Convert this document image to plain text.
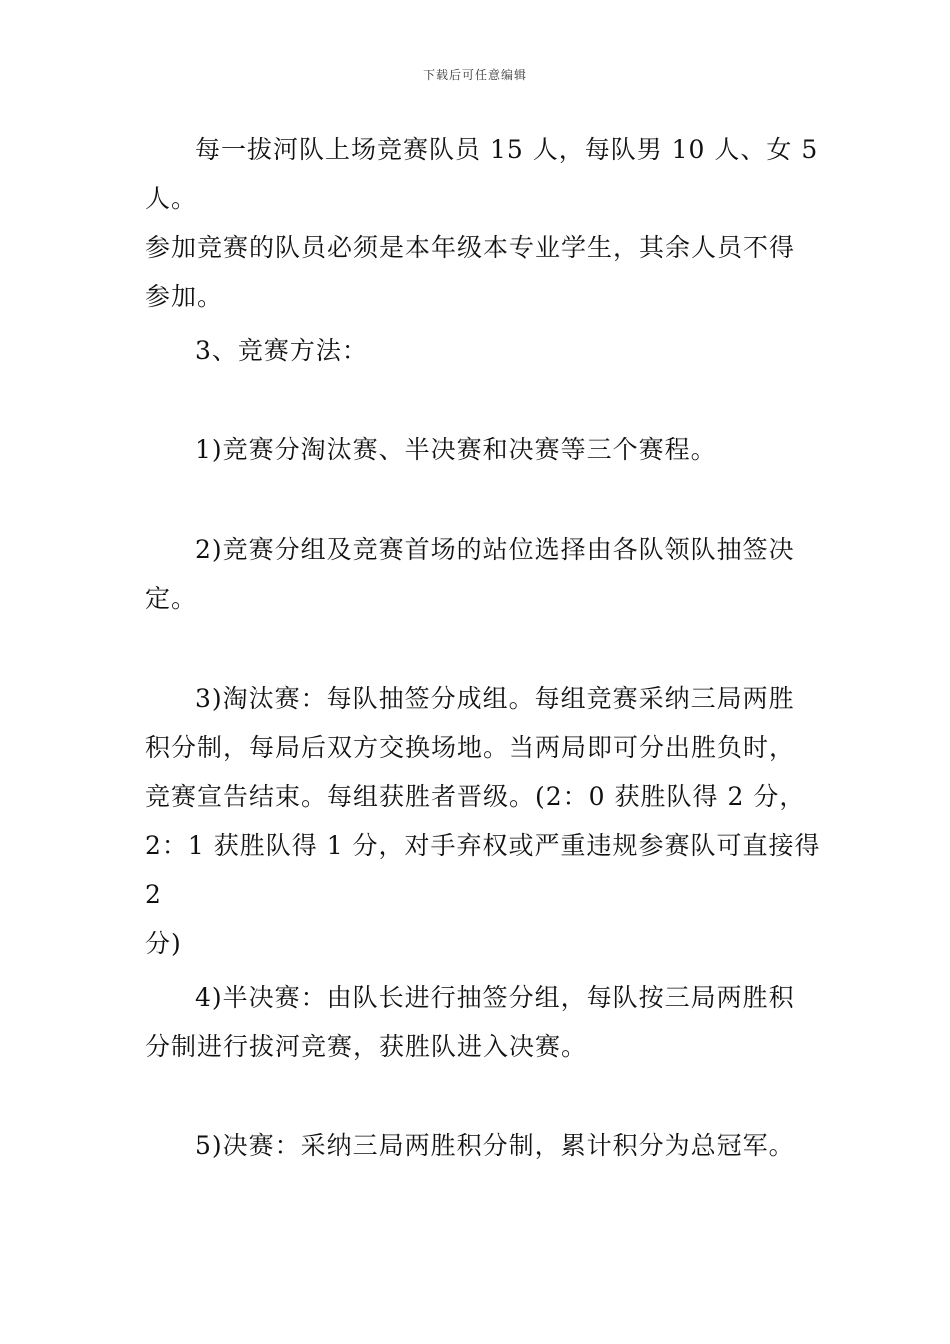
下载后可任意编辑

每一拔河队上场竞赛队员 15 人，每队男 10 人、女 5 人。
参加竞赛的队员必须是本年级本专业学生，其余人员不得
参加。

3、竞赛方法：

1)竞赛分淘汰赛、半决赛和决赛等三个赛程。

2)竞赛分组及竞赛首场的站位选择由各队领队抽签决
定。

3)淘汰赛：每队抽签分成组。每组竞赛采纳三局两胜
积分制，每局后双方交换场地。当两局即可分出胜负时，
竞赛宣告结束。每组获胜者晋级。(2：0 获胜队得 2 分，
2：1 获胜队得 1 分，对手弃权或严重违规参赛队可直接得 2
分)

4)半决赛：由队长进行抽签分组，每队按三局两胜积
分制进行拔河竞赛，获胜队进入决赛。

5)决赛：采纳三局两胜积分制，累计积分为总冠军。
